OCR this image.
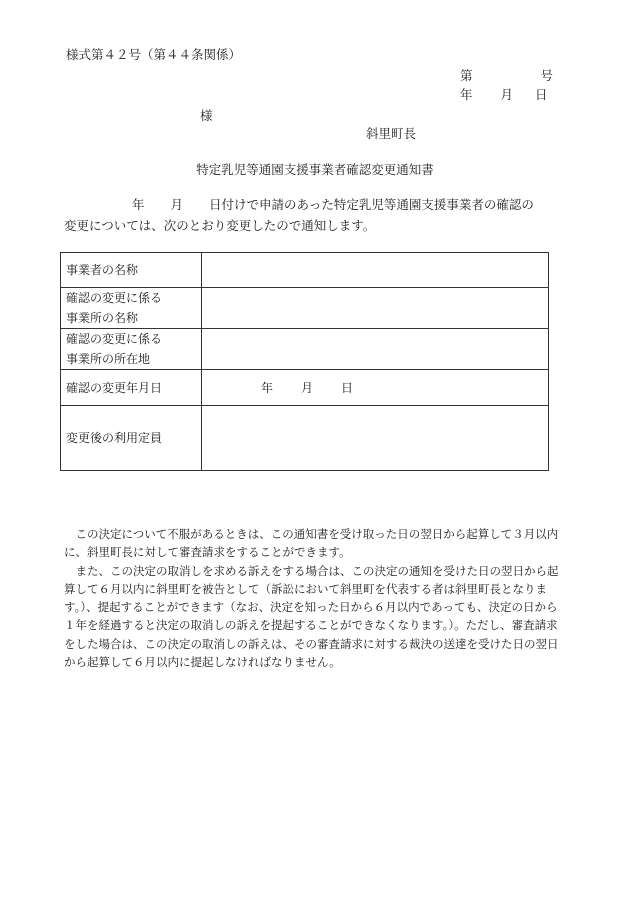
様式第４２号（第４４条関係）
第	号
年 月 日
様
斜里町長
特定乳児等通園支援事業者確認変更通知書
年 月 日付けで申請のあった特定乳児等通園支援事業者の確認の
変更については、次のとおり変更したので通知します。
事業者の名称	

確認の変更に係る
事業所の名称	

確認の変更に係る
事業所の所在地	

確認の変更年月日	年 月 日
変更後の利用定員	
　この決定について不服があるときは、この通知書を受け取った日の翌日から起算して３月以内
に、斜里町長に対して審査請求をすることができます。
　また、この決定の取消しを求める訴えをする場合は、この決定の通知を受けた日の翌日から起
算して６月以内に斜里町を被告として（訴訟において斜里町を代表する者は斜里町長となりま
す。）、提起することができます（なお、決定を知った日から６月以内であっても、決定の日から
１年を経過すると決定の取消しの訴えを提起することができなくなります。）。ただし、審査請求
をした場合は、この決定の取消しの訴えは、その審査請求に対する裁決の送達を受けた日の翌日
から起算して６月以内に提起しなければなりません。
